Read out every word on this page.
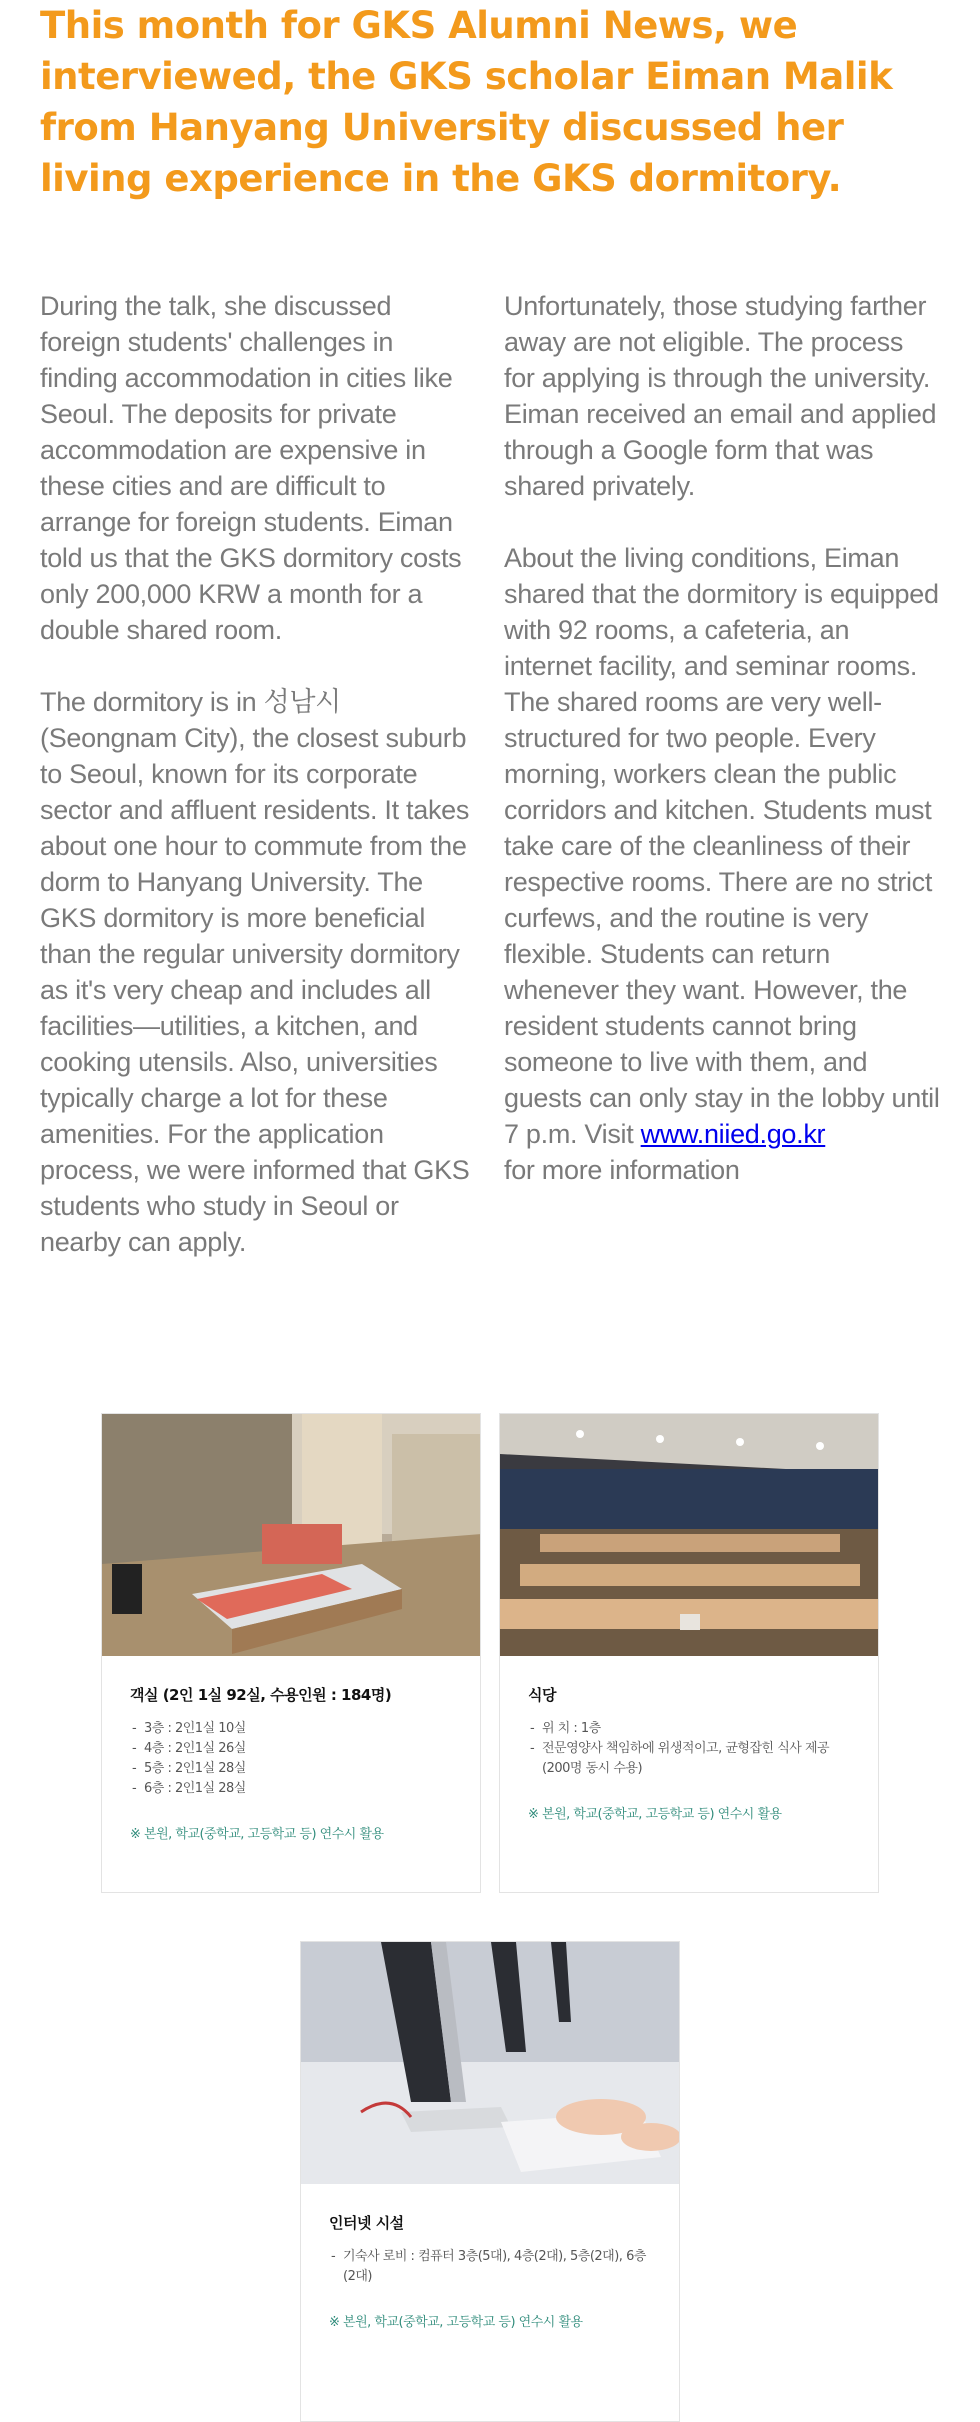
This month for GKS Alumni News, we interviewed, the GKS scholar Eiman Malik from Hanyang University discussed her living experience in the GKS dormitory.

During the talk, she discussed foreign students' challenges in finding accommodation in cities like Seoul. The deposits for private accommodation are expensive in these cities and are difficult to arrange for foreign students. Eiman told us that the GKS dormitory costs only 200,000 KRW a month for a double shared room.

The dormitory is in 성남시 (Seongnam City), the closest suburb to Seoul, known for its corporate sector and affluent residents. It takes about one hour to commute from the dorm to Hanyang University. The GKS dormitory is more beneficial than the regular university dormitory as it's very cheap and includes all facilities—utilities, a kitchen, and cooking utensils. Also, universities typically charge a lot for these amenities. For the application process, we were informed that GKS students who study in Seoul or nearby can apply.

Unfortunately, those studying farther away are not eligible. The process for applying is through the university. Eiman received an email and applied through a Google form that was shared privately.

About the living conditions, Eiman shared that the dormitory is equipped with 92 rooms, a cafeteria, an internet facility, and seminar rooms. The shared rooms are very well-structured for two people. Every morning, workers clean the public corridors and kitchen. Students must take care of the cleanliness of their respective rooms. There are no strict curfews, and the routine is very flexible. Students can return whenever they want. However, the resident students cannot bring someone to live with them, and guests can only stay in the lobby until 7 p.m. Visit www.niied.go.kr
for more information

객실 (2인 1실 92실, 수용인원 : 184명)
- 3층 : 2인1실 10실
- 4층 : 2인1실 26실
- 5층 : 2인1실 28실
- 6층 : 2인1실 28실
※ 본원, 학교(중학교, 고등학교 등) 연수시 활용
식당
- 위 치 : 1층
- 전문영양사 책임하에 위생적이고, 균형잡힌 식사 제공 (200명 동시 수용)
※ 본원, 학교(중학교, 고등학교 등) 연수시 활용
인터넷 시설
- 기숙사 로비 : 컴퓨터 3층(5대), 4층(2대), 5층(2대), 6층(2대)
※ 본원, 학교(중학교, 고등학교 등) 연수시 활용
